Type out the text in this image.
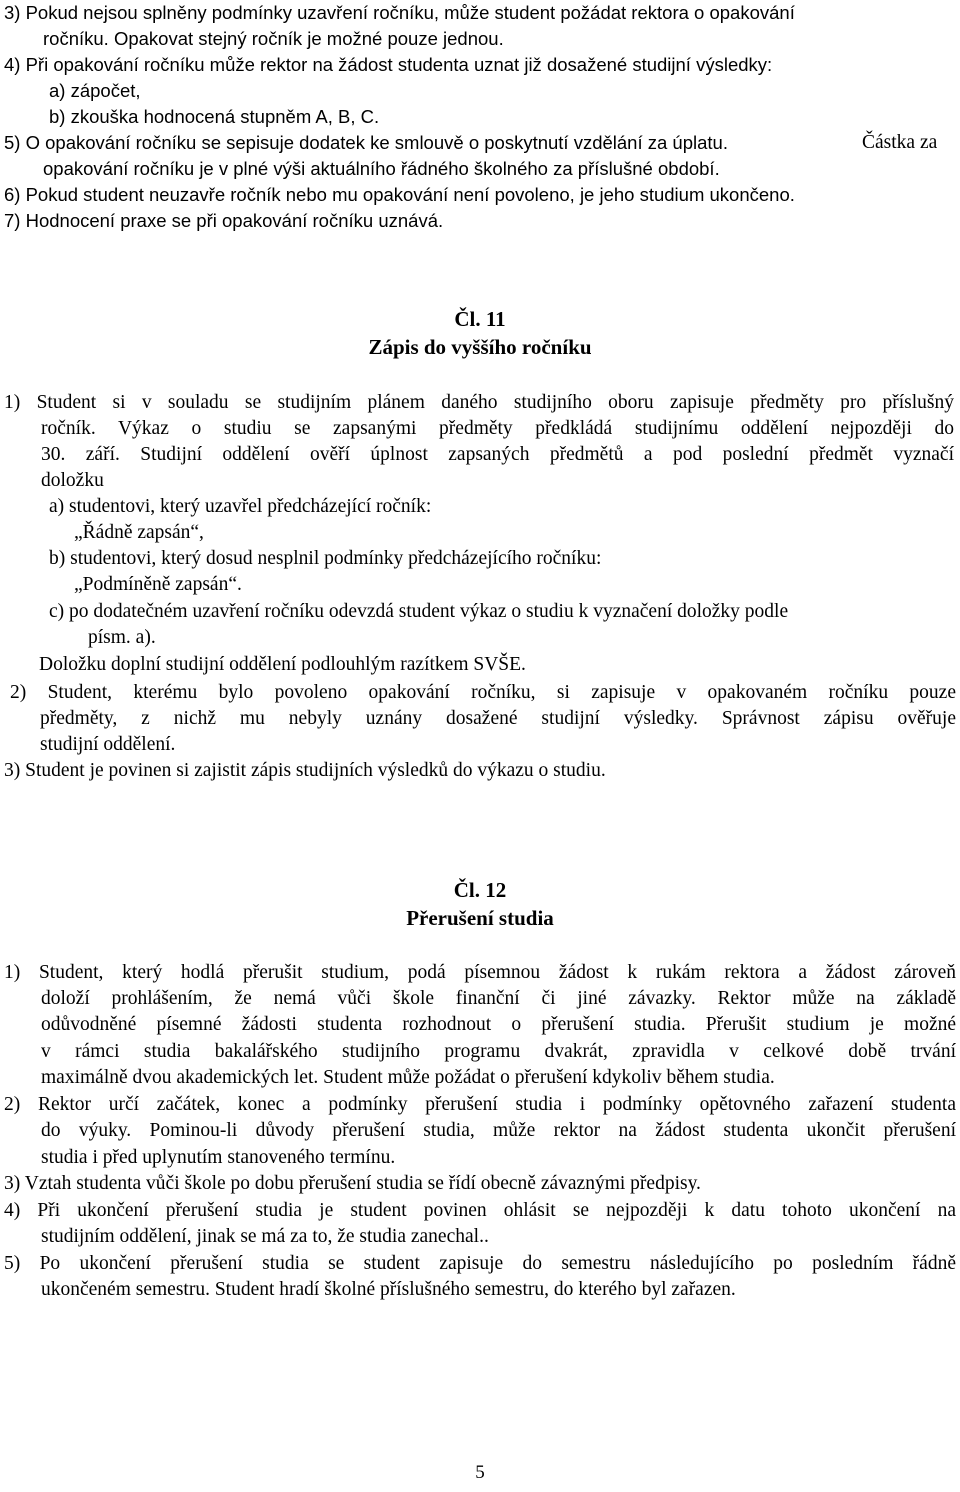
3) Pokud nejsou splněny podmínky uzavření ročníku, může student požádat rektora o opakování
ročníku. Opakovat stejný ročník je možné pouze jednou.
4) Při opakování ročníku může rektor na žádost studenta uznat již dosažené studijní výsledky:
a) zápočet,
b) zkouška hodnocená stupněm A, B, C.
5) O opakování ročníku se sepisuje dodatek ke smlouvě o poskytnutí vzdělání za úplatu.	Částka za
opakování ročníku je v plné výši aktuálního řádného školného za příslušné období.
6) Pokud student neuzavře ročník nebo mu opakování není povoleno, je jeho studium ukončeno.
7) Hodnocení praxe se při opakování ročníku uznává.
Čl. 11
Zápis do vyššího ročníku
1) Student si v souladu se studijním plánem daného studijního oboru zapisuje předměty pro příslušný
ročník. Výkaz o studiu se zapsanými předměty předkládá studijnímu oddělení nejpozději do
30. září. Studijní oddělení ověří úplnost zapsaných předmětů a pod poslední předmět vyznačí
doložku
a) studentovi, který uzavřel předcházející ročník:
„Řádně zapsán“,
b) studentovi, který dosud nesplnil podmínky předcházejícího ročníku:
„Podmíněně zapsán“.
c) po dodatečném uzavření ročníku odevzdá student výkaz o studiu k vyznačení doložky podle
písm. a).
Doložku doplní studijní oddělení podlouhlým razítkem SVŠE.
2) Student, kterému bylo povoleno opakování ročníku, si zapisuje v opakovaném ročníku pouze
předměty, z nichž mu nebyly uznány dosažené studijní výsledky. Správnost zápisu ověřuje
studijní oddělení.
3) Student je povinen si zajistit zápis studijních výsledků do výkazu o studiu.
Čl. 12
Přerušení studia
1) Student, který hodlá přerušit studium, podá písemnou žádost k rukám rektora a žádost zároveň
doloží prohlášením, že nemá vůči škole finanční či jiné závazky. Rektor může na základě
odůvodněné písemné žádosti studenta rozhodnout o přerušení studia. Přerušit studium je možné
v rámci studia bakalářského studijního programu dvakrát, zpravidla v celkové době trvání
maximálně dvou akademických let. Student může požádat o přerušení kdykoliv během studia.
2) Rektor určí začátek, konec a podmínky přerušení studia i podmínky opětovného zařazení studenta
do výuky. Pominou-li důvody přerušení studia, může rektor na žádost studenta ukončit přerušení
studia i před uplynutím stanoveného termínu.
3) Vztah studenta vůči škole po dobu přerušení studia se řídí obecně závaznými předpisy.
4) Při ukončení přerušení studia je student povinen ohlásit se nejpozději k datu tohoto ukončení na
studijním oddělení, jinak se má za to, že studia zanechal..
5) Po ukončení přerušení studia se student zapisuje do semestru následujícího po posledním řádně
ukončeném semestru. Student hradí školné příslušného semestru, do kterého byl zařazen.
5
